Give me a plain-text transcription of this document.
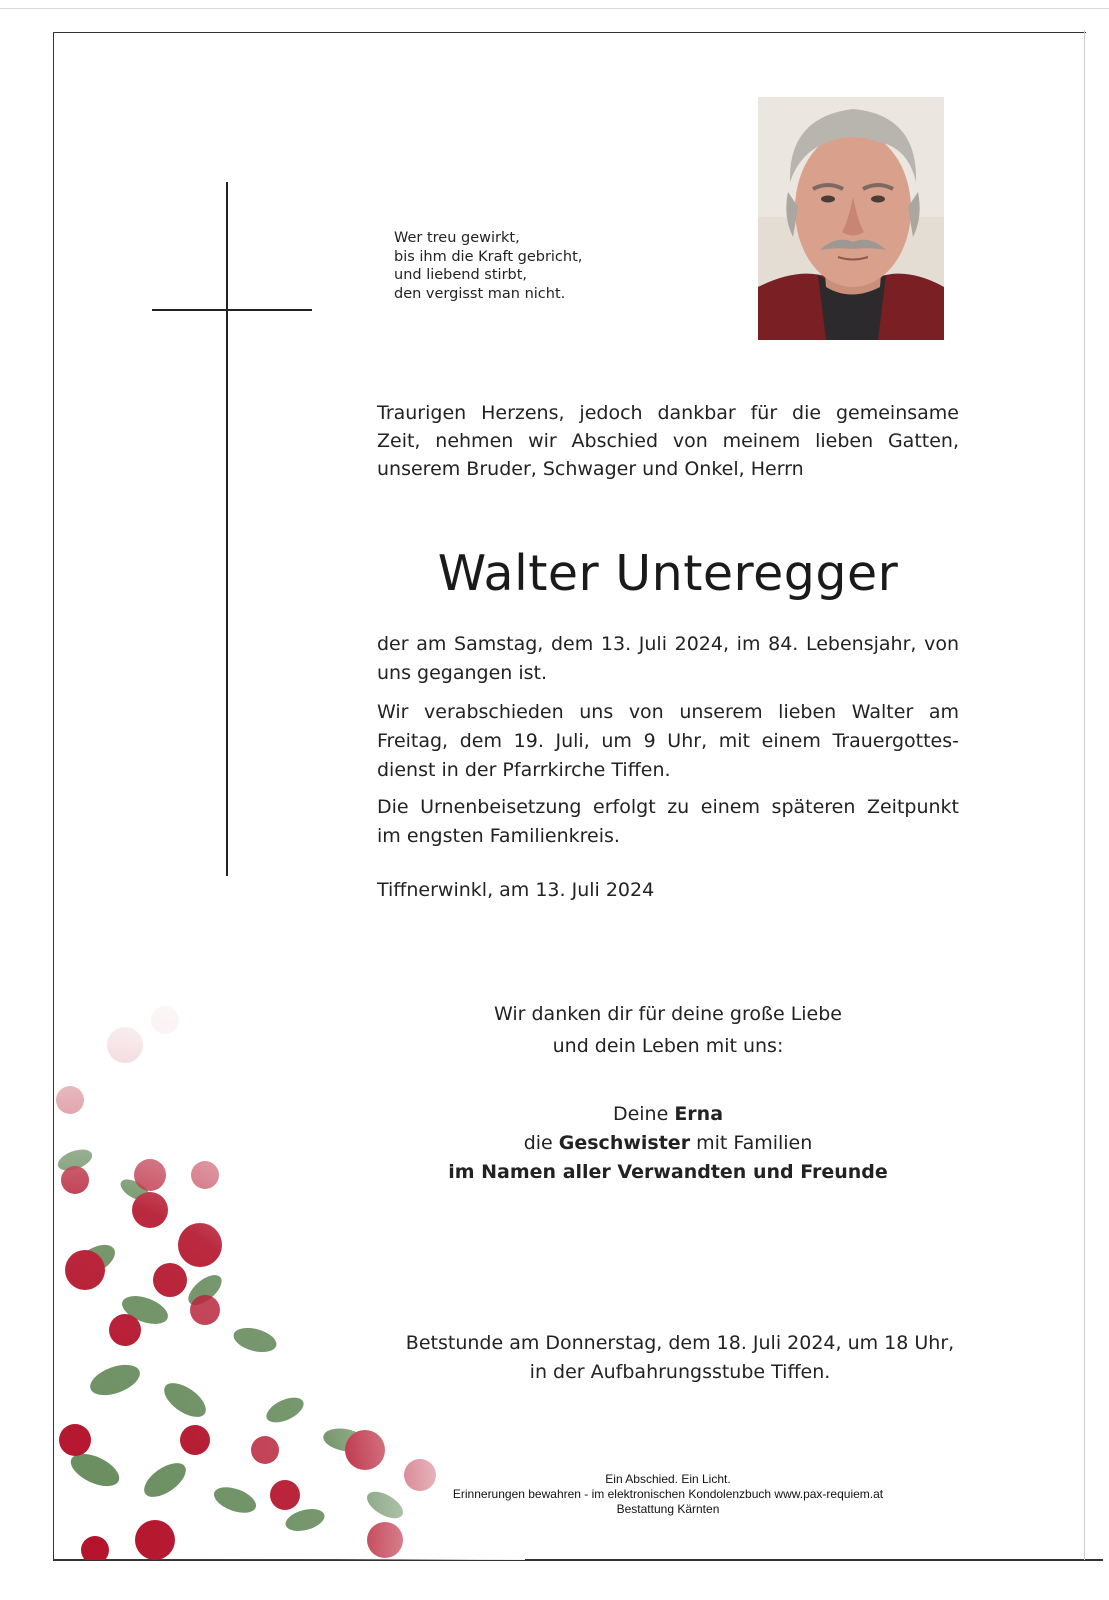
Wer treu gewirkt,
bis ihm die Kraft gebricht,
und liebend stirbt,
den vergisst man nicht.
Traurigen Herzens, jedoch dankbar für die gemeinsame
Zeit, nehmen wir Abschied von meinem lieben Gatten,
unserem Bruder, Schwager und Onkel, Herrn
Walter Unteregger
der am Samstag, dem 13. Juli 2024, im 84. Lebensjahr, von
uns gegangen ist.
Wir verabschieden uns von unserem lieben Walter am
Freitag, dem 19. Juli, um 9 Uhr, mit einem Trauergottes-
dienst in der Pfarrkirche Tiffen.
Die Urnenbeisetzung erfolgt zu einem späteren Zeitpunkt
im engsten Familienkreis.
Tiffnerwinkl, am 13. Juli 2024
Wir danken dir für deine große Liebe
und dein Leben mit uns:
Deine Erna
die Geschwister mit Familien
im Namen aller Verwandten und Freunde
Betstunde am Donnerstag, dem 18. Juli 2024, um 18 Uhr,
in der Aufbahrungsstube Tiffen.
Ein Abschied. Ein Licht.
Erinnerungen bewahren - im elektronischen Kondolenzbuch www.pax-requiem.at
Bestattung Kärnten
